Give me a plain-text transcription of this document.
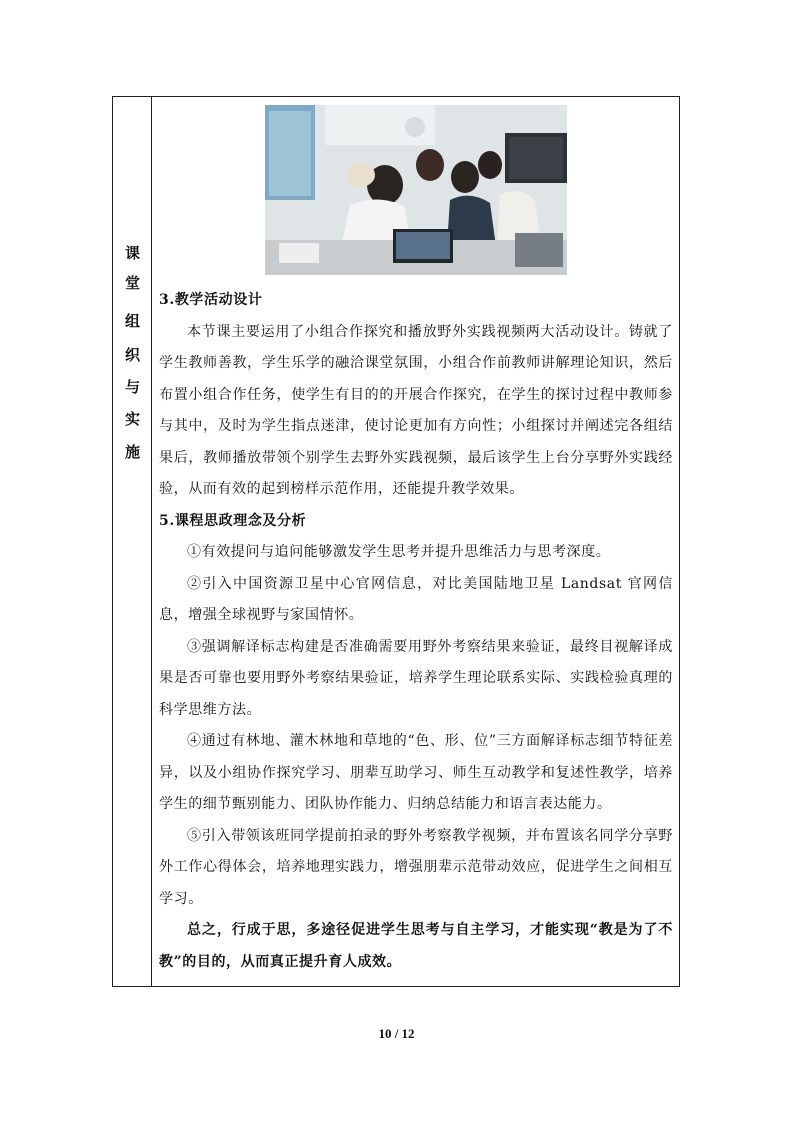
课
堂
组
织
与
实
施
3.教学活动设计

本节课主要运用了小组合作探究和播放野外实践视频两大活动设计。铸就了学生教师善教，学生乐学的融洽课堂氛围，小组合作前教师讲解理论知识，然后布置小组合作任务，使学生有目的的开展合作探究，在学生的探讨过程中教师参与其中，及时为学生指点迷津，使讨论更加有方向性；小组探讨并阐述完各组结果后，教师播放带领个别学生去野外实践视频，最后该学生上台分享野外实践经验，从而有效的起到榜样示范作用，还能提升教学效果。

5.课程思政理念及分析

①有效提问与追问能够激发学生思考并提升思维活力与思考深度。

②引入中国资源卫星中心官网信息，对比美国陆地卫星 Landsat 官网信息，增强全球视野与家国情怀。

③强调解译标志构建是否准确需要用野外考察结果来验证，最终目视解译成果是否可靠也要用野外考察结果验证，培养学生理论联系实际、实践检验真理的科学思维方法。

④通过有林地、灌木林地和草地的“色、形、位”三方面解译标志细节特征差异，以及小组协作探究学习、朋辈互助学习、师生互动教学和复述性教学，培养学生的细节甄别能力、团队协作能力、归纳总结能力和语言表达能力。

⑤引入带领该班同学提前拍录的野外考察教学视频，并布置该名同学分享野外工作心得体会，培养地理实践力，增强朋辈示范带动效应，促进学生之间相互学习。

总之，行成于思，多途径促进学生思考与自主学习，才能实现“教是为了不教”的目的，从而真正提升育人成效。

10 / 12
